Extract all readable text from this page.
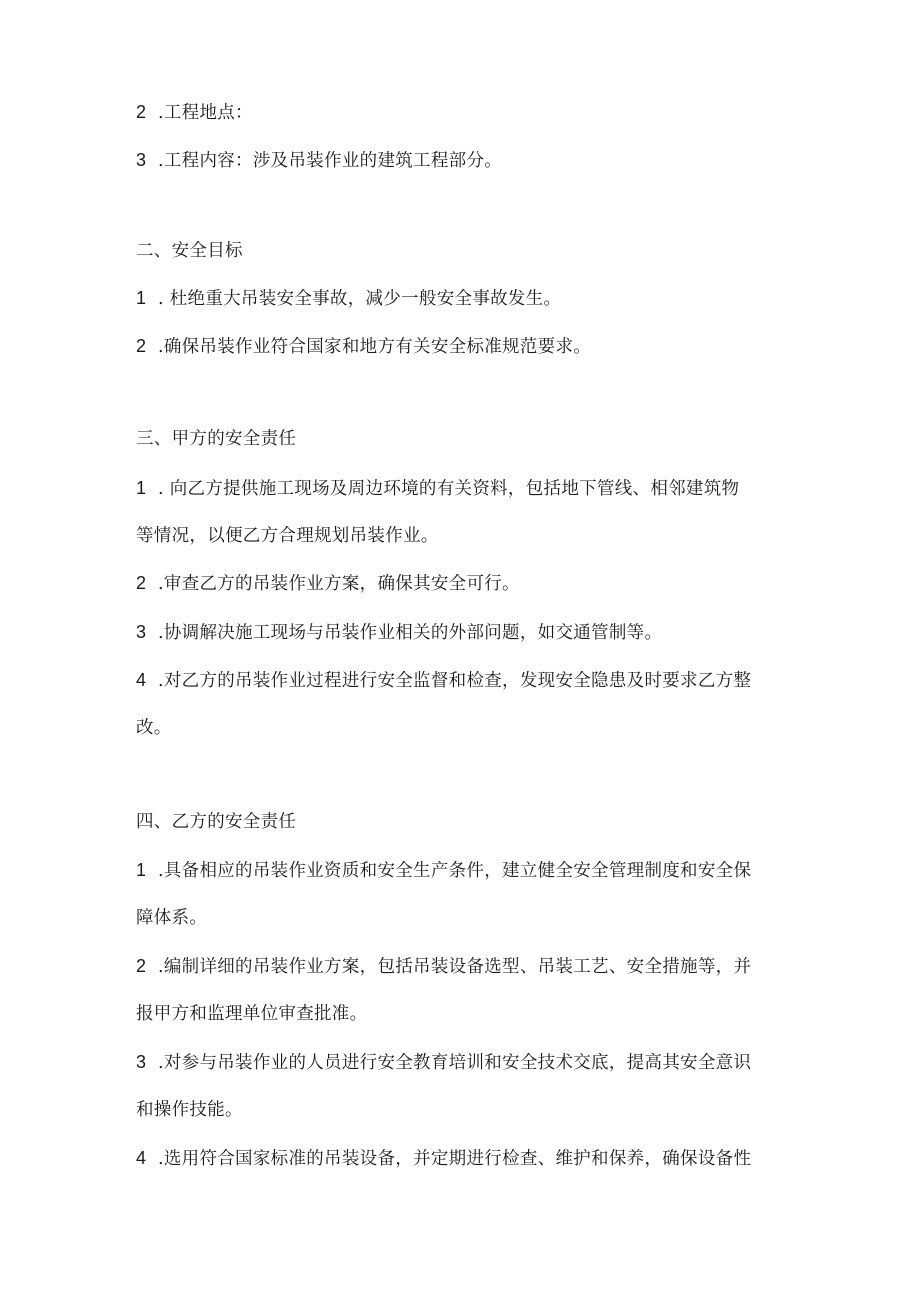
2 .工程地点：
3 .工程内容：涉及吊装作业的建筑工程部分。
二、安全目标
1 . 杜绝重大吊装安全事故，减少一般安全事故发生。
2 .确保吊装作业符合国家和地方有关安全标准规范要求。
三、甲方的安全责任
1 . 向乙方提供施工现场及周边环境的有关资料，包括地下管线、相邻建筑物
等情况，以便乙方合理规划吊装作业。
2 .审查乙方的吊装作业方案，确保其安全可行。
3 .协调解决施工现场与吊装作业相关的外部问题，如交通管制等。
4 .对乙方的吊装作业过程进行安全监督和检查，发现安全隐患及时要求乙方整
改。
四、乙方的安全责任
1 .具备相应的吊装作业资质和安全生产条件，建立健全安全管理制度和安全保
障体系。
2 .编制详细的吊装作业方案，包括吊装设备选型、吊装工艺、安全措施等，并
报甲方和监理单位审查批准。
3 .对参与吊装作业的人员进行安全教育培训和安全技术交底，提高其安全意识
和操作技能。
4 .选用符合国家标准的吊装设备，并定期进行检查、维护和保养，确保设备性
